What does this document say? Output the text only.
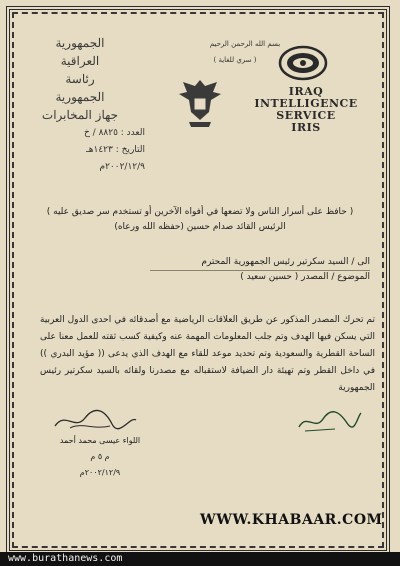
الجمهورية العراقية
رئاسة الجمهورية
جهاز المخابرات
بسم الله الرحمن الرحيم
( سري للغاية )
IRAQ
INTELLIGENCE SERVICE
IRIS
العدد : ٨٨٢٥ / خ
التاريخ : ١٤٢٣هـ
٢٠٠٢/١٢/٩م
( حافظ على أسرار الناس ولا تضعها في أفواه الآخرين أو تستخدم سر صديق عليه )
الرئيس القائد صدام حسين (حفظه الله ورعاه)
الى / السيد سكرتير رئيس الجمهورية المحترم
الموضوع / المصدر ( حسين سعيد )
تم تحرك المصدر المذكور عن طريق العلاقات الرياضية مع أصدقائه في احدى الدول العربية التي يسكن فيها الهدف وتم جلب المعلومات المهمة عنه وكيفية كسب ثقته للعمل معنا على الساحة القطرية والسعودية وتم تحديد موعد للقاء مع الهدف الذي يدعى (( مؤيد البدري )) في داخل القطر وتم تهيئة دار الضيافة لاستقباله مع مصدرنا ولقائه بالسيد سكرتير رئيس الجمهورية
اللواء عيسى محمد أحمد
م ٥ م
٢٠٠٢/١٢/٩م
WWW.KHABAAR.COM
www.burathanews.com
